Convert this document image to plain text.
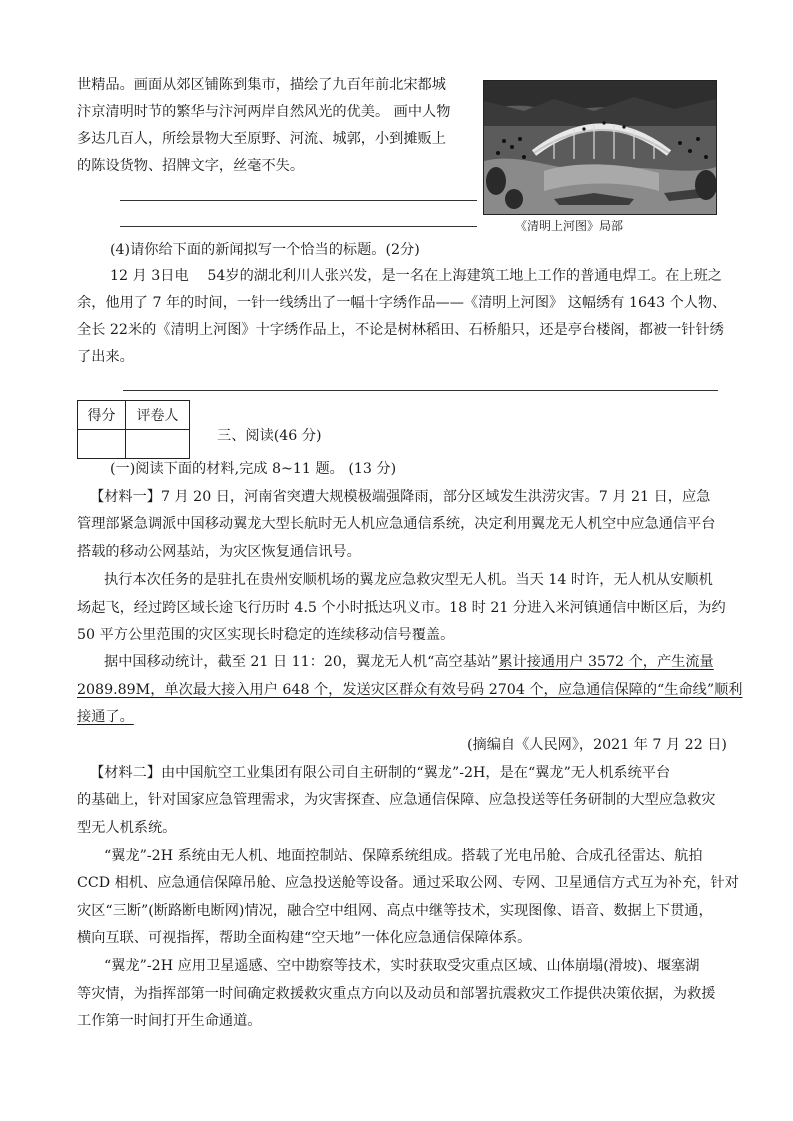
世精品。画面从郊区铺陈到集市，描绘了九百年前北宋都城
汴京清明时节的繁华与汴河两岸自然风光的优美。 画中人物
多达几百人，所绘景物大至原野、河流、城郭，小到摊贩上
的陈设货物、招牌文字，丝毫不失。
《清明上河图》局部
(4)请你给下面的新闻拟写一个恰当的标题。(2分)
12 月 3日电　 54岁的湖北利川人张兴发，是一名在上海建筑工地上工作的普通电焊工。在上班之
余，他用了 7 年的时间，一针一线绣出了一幅十字绣作品——《清明上河图》 这幅绣有 1643 个人物、
全长 22米的《清明上河图》十字绣作品上，不论是树林稻田、石桥船只，还是亭台楼阁，都被一针针绣
了出来。
得分	评卷人

三、阅读(46 分)
(一)阅读下面的材料,完成 8~11 题。 (13 分)
【材料一】7 月 20 日，河南省突遭大规模极端强降雨，部分区域发生洪涝灾害。7 月 21 日，应急
管理部紧急调派中国移动翼龙大型长航时无人机应急通信系统，决定利用翼龙无人机空中应急通信平台
搭载的移动公网基站，为灾区恢复通信讯号。
执行本次任务的是驻扎在贵州安顺机场的翼龙应急救灾型无人机。当天 14 时许，无人机从安顺机
场起飞，经过跨区域长途飞行历时 4.5 个小时抵达巩义市。18 时 21 分进入米河镇通信中断区后，为约
50 平方公里范围的灾区实现长时稳定的连续移动信号覆盖。
据中国移动统计，截至 21 日 11：20，翼龙无人机“高空基站”累计接通用户 3572 个，产生流量
2089.89M，单次最大接入用户 648 个，发送灾区群众有效号码 2704 个，应急通信保障的“生命线”顺利
接通了。
(摘编自《人民网》，2021 年 7 月 22 日)
【材料二】由中国航空工业集团有限公司自主研制的“翼龙”-2H，是在“翼龙”无人机系统平台
的基础上，针对国家应急管理需求，为灾害探查、应急通信保障、应急投送等任务研制的大型应急救灾
型无人机系统。
“翼龙”-2H 系统由无人机、地面控制站、保障系统组成。搭载了光电吊舱、合成孔径雷达、航拍
CCD 相机、应急通信保障吊舱、应急投送舱等设备。通过采取公网、专网、卫星通信方式互为补充，针对
灾区“三断”(断路断电断网)情况，融合空中组网、高点中继等技术，实现图像、语音、数据上下贯通，
横向互联、可视指挥，帮助全面构建“空天地”一体化应急通信保障体系。
“翼龙”-2H 应用卫星遥感、空中勘察等技术，实时获取受灾重点区域、山体崩塌(滑坡)、堰塞湖
等灾情，为指挥部第一时间确定救援救灾重点方向以及动员和部署抗震救灾工作提供决策依据，为救援
工作第一时间打开生命通道。
